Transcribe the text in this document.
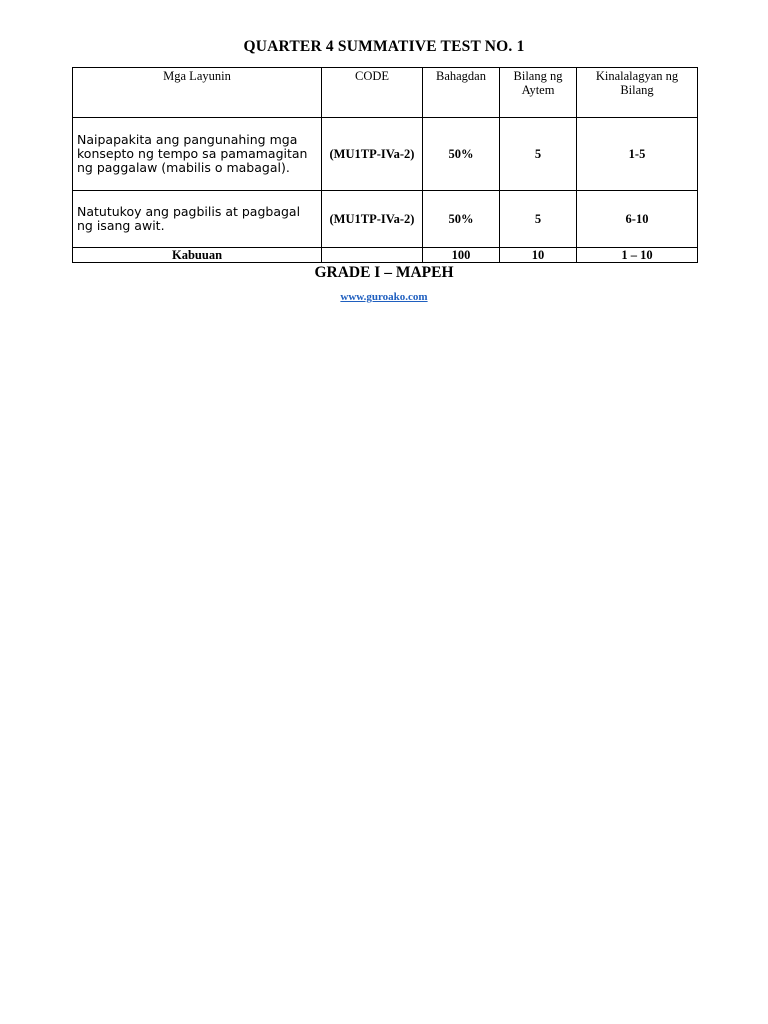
QUARTER 4 SUMMATIVE TEST NO. 1
Mga Layunin	CODE	Bahagdan	Bilang ng Aytem	Kinalalagyan ng Bilang
Naipapakita ang pangunahing mga konsepto ng tempo sa pamamagitan ng paggalaw (mabilis o mabagal).	(MU1TP-IVa-2)	50%	5	1-5
Natutukoy ang pagbilis at pagbagal ng isang awit.	(MU1TP-IVa-2)	50%	5	6-10
Kabuuan		100	10	1 – 10
GRADE I – MAPEH
www.guroako.com
